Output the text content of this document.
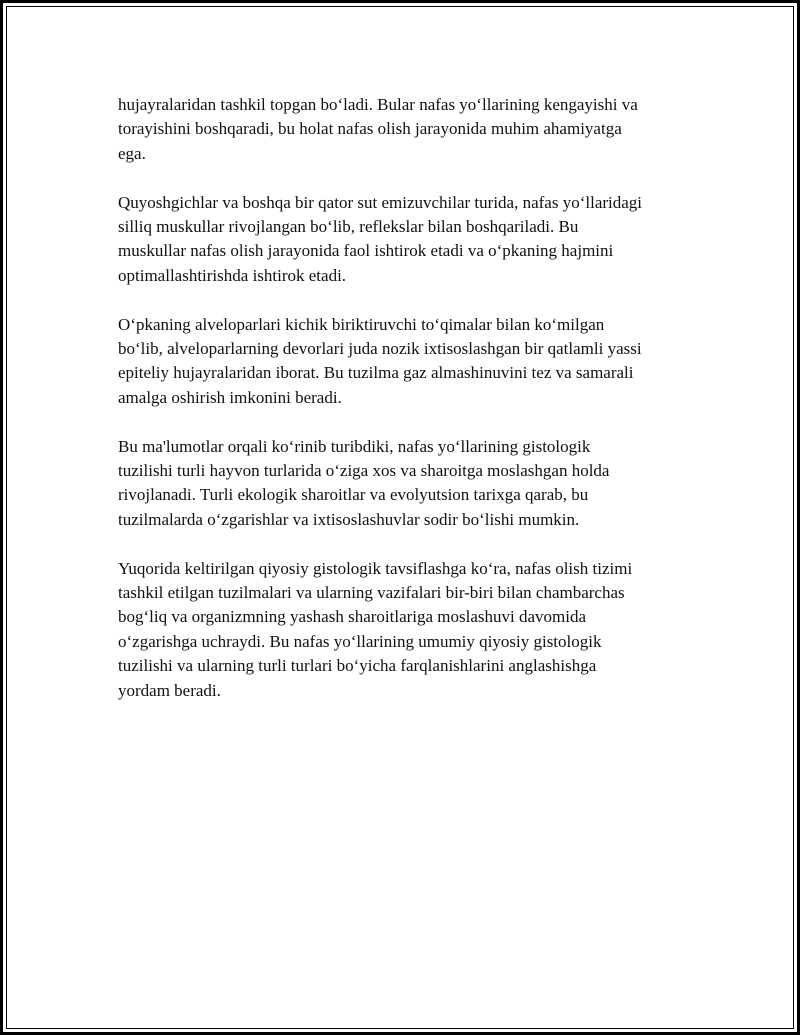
hujayralaridan tashkil topgan bo‘ladi. Bular nafas yo‘llarining kengayishi va
torayishini boshqaradi, bu holat nafas olish jarayonida muhim ahamiyatga
ega.

Quyoshgichlar va boshqa bir qator sut emizuvchilar turida, nafas yo‘llaridagi
silliq muskullar rivojlangan bo‘lib, reflekslar bilan boshqariladi. Bu
muskullar nafas olish jarayonida faol ishtirok etadi va o‘pkaning hajmini
optimallashtirishda ishtirok etadi.

O‘pkaning alveloparlari kichik biriktiruvchi to‘qimalar bilan ko‘milgan
bo‘lib, alveloparlarning devorlari juda nozik ixtisoslashgan bir qatlamli yassi
epiteliy hujayralaridan iborat. Bu tuzilma gaz almashinuvini tez va samarali
amalga oshirish imkonini beradi.

Bu ma'lumotlar orqali ko‘rinib turibdiki, nafas yo‘llarining gistologik
tuzilishi turli hayvon turlarida o‘ziga xos va sharoitga moslashgan holda
rivojlanadi. Turli ekologik sharoitlar va evolyutsion tarixga qarab, bu
tuzilmalarda o‘zgarishlar va ixtisoslashuvlar sodir bo‘lishi mumkin.

Yuqorida keltirilgan qiyosiy gistologik tavsiflashga ko‘ra, nafas olish tizimi
tashkil etilgan tuzilmalari va ularning vazifalari bir-biri bilan chambarchas
bog‘liq va organizmning yashash sharoitlariga moslashuvi davomida
o‘zgarishga uchraydi. Bu nafas yo‘llarining umumiy qiyosiy gistologik
tuzilishi va ularning turli turlari bo‘yicha farqlanishlarini anglashishga
yordam beradi.
